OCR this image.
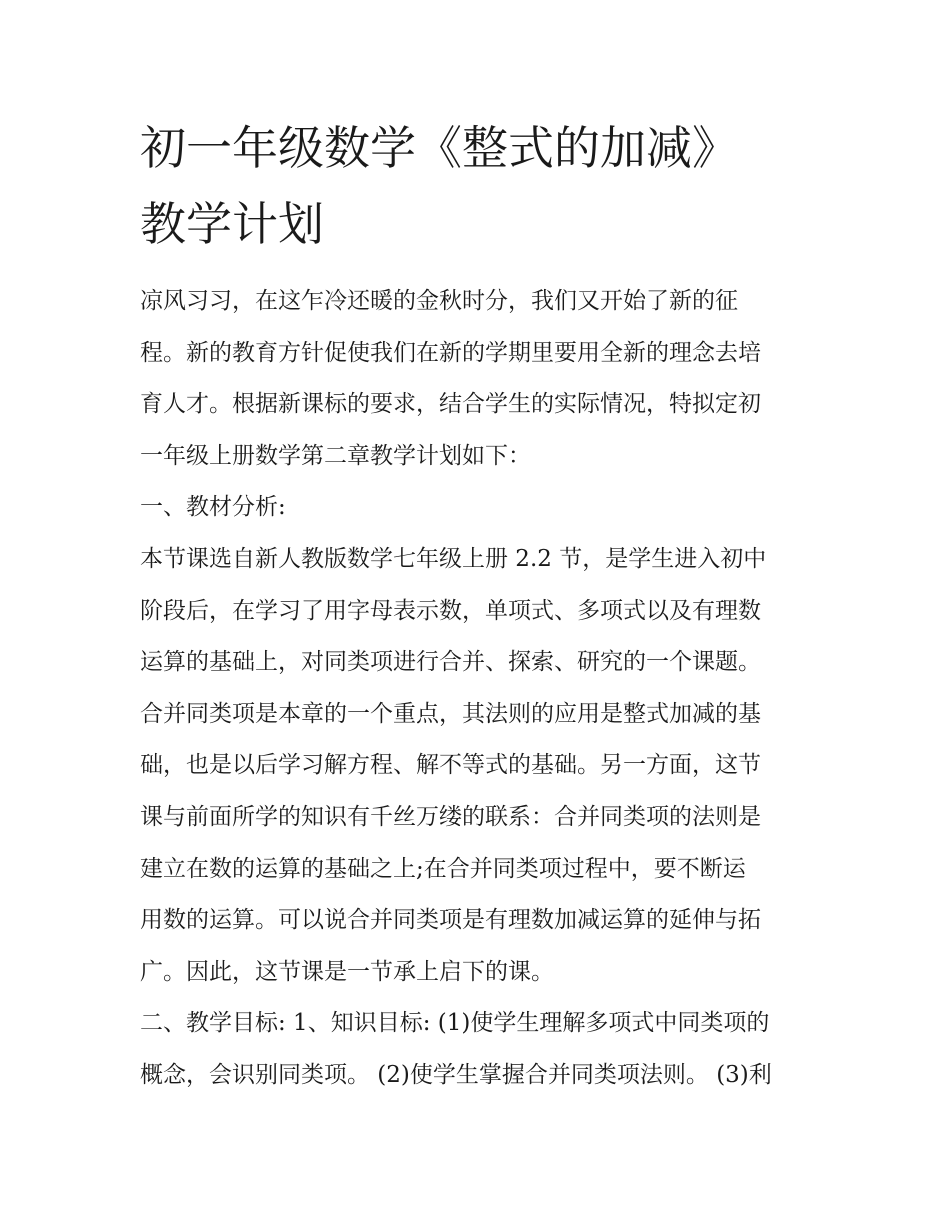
初一年级数学《整式的加减》
教学计划
凉风习习，在这乍冷还暖的金秋时分，我们又开始了新的征
程。新的教育方针促使我们在新的学期里要用全新的理念去培
育人才。根据新课标的要求，结合学生的实际情况，特拟定初
一年级上册数学第二章教学计划如下：
一、教材分析:
本节课选自新人教版数学七年级上册 2.2 节，是学生进入初中
阶段后，在学习了用字母表示数，单项式、多项式以及有理数
运算的基础上，对同类项进行合并、探索、研究的一个课题。
合并同类项是本章的一个重点，其法则的应用是整式加减的基
础，也是以后学习解方程、解不等式的基础。另一方面，这节
课与前面所学的知识有千丝万缕的联系：合并同类项的法则是
建立在数的运算的基础之上;在合并同类项过程中，要不断运
用数的运算。可以说合并同类项是有理数加减运算的延伸与拓
广。因此，这节课是一节承上启下的课。
二、教学目标: 1、知识目标: (1)使学生理解多项式中同类项的
概念，会识别同类项。 (2)使学生掌握合并同类项法则。 (3)利
